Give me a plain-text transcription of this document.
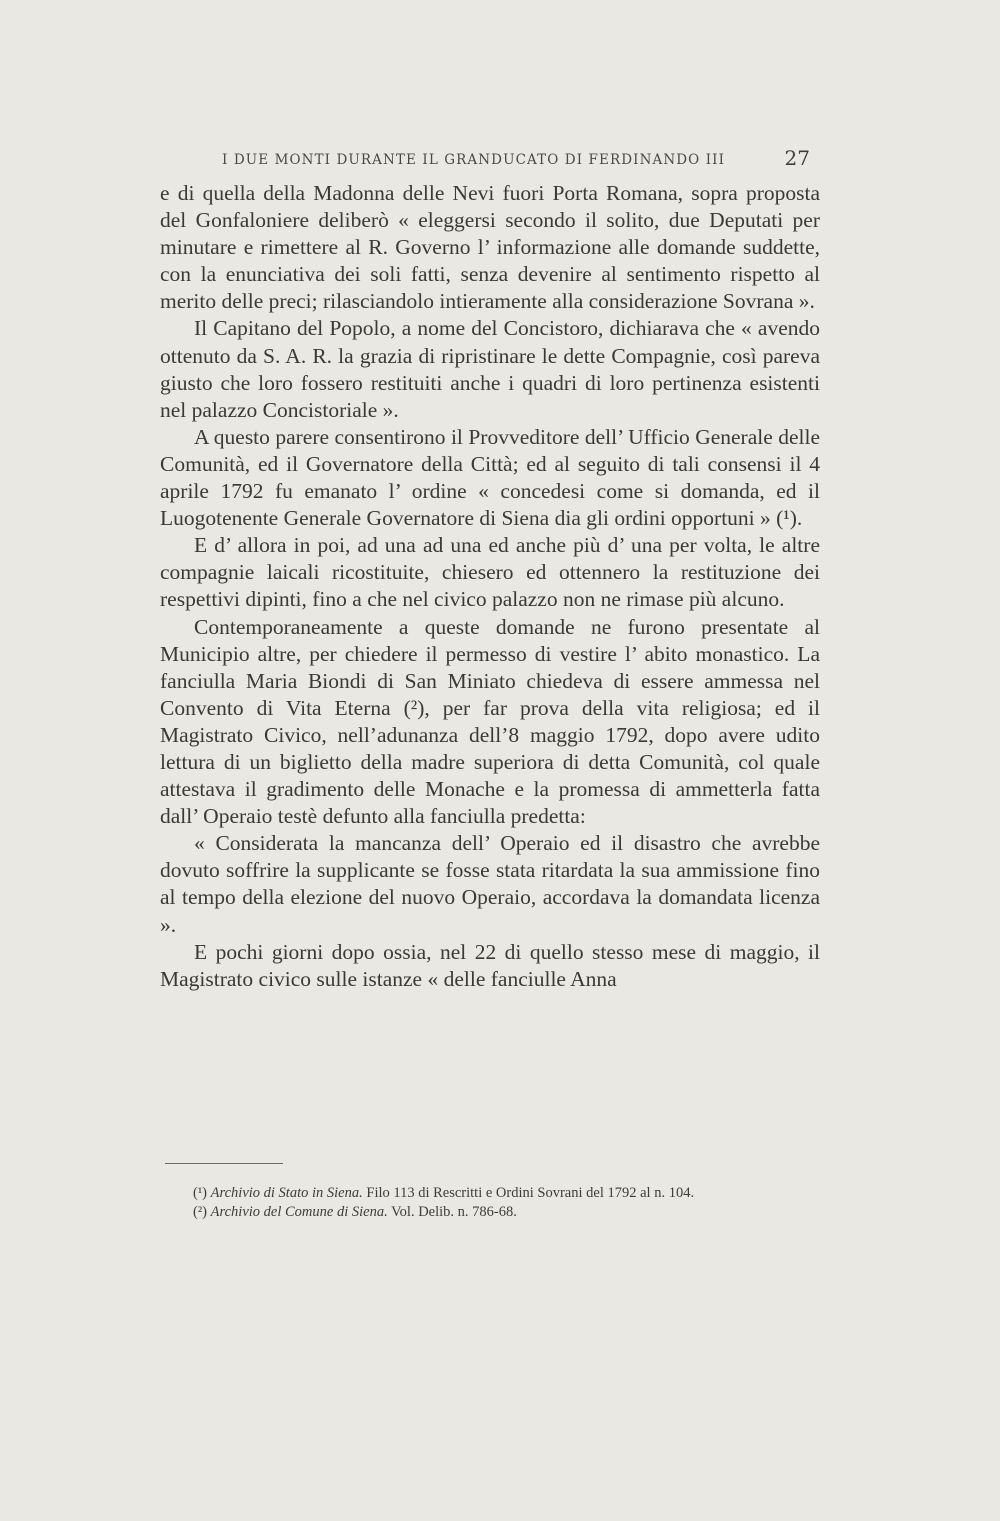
I DUE MONTI DURANTE IL GRANDUCATO DI FERDINANDO III	27

e di quella della Madonna delle Nevi fuori Porta Romana, sopra proposta del Gonfaloniere deliberò « eleggersi secondo il solito, due Deputati per minutare e rimettere al R. Governo l’ informazione alle domande suddette, con la enunciativa dei soli fatti, senza devenire al sentimento rispetto al merito delle preci; rilasciandolo intieramente alla considerazione Sovrana ».

Il Capitano del Popolo, a nome del Concistoro, dichiarava che « avendo ottenuto da S. A. R. la grazia di ripristinare le dette Compagnie, così pareva giusto che loro fossero restituiti anche i quadri di loro pertinenza esistenti nel palazzo Concistoriale ».

A questo parere consentirono il Provveditore dell’ Ufficio Generale delle Comunità, ed il Governatore della Città; ed al seguito di tali consensi il 4 aprile 1792 fu emanato l’ ordine « concedesi come si domanda, ed il Luogotenente Generale Governatore di Siena dia gli ordini opportuni » (¹).

E d’ allora in poi, ad una ad una ed anche più d’ una per volta, le altre compagnie laicali ricostituite, chiesero ed ottennero la restituzione dei respettivi dipinti, fino a che nel civico palazzo non ne rimase più alcuno.

Contemporaneamente a queste domande ne furono presentate al Municipio altre, per chiedere il permesso di vestire l’ abito monastico. La fanciulla Maria Biondi di San Miniato chiedeva di essere ammessa nel Convento di Vita Eterna (²), per far prova della vita religiosa; ed il Magistrato Civico, nell’adunanza dell’8 maggio 1792, dopo avere udito lettura di un biglietto della madre superiora di detta Comunità, col quale attestava il gradimento delle Monache e la promessa di ammetterla fatta dall’ Operaio testè defunto alla fanciulla predetta:

« Considerata la mancanza dell’ Operaio ed il disastro che avrebbe dovuto soffrire la supplicante se fosse stata ritardata la sua ammissione fino al tempo della elezione del nuovo Operaio, accordava la domandata licenza ».

E pochi giorni dopo ossia, nel 22 di quello stesso mese di maggio, il Magistrato civico sulle istanze « delle fanciulle Anna

(¹) Archivio di Stato in Siena. Filo 113 di Rescritti e Ordini Sovrani del 1792 al n. 104.

(²) Archivio del Comune di Siena. Vol. Delib. n. 786-68.
